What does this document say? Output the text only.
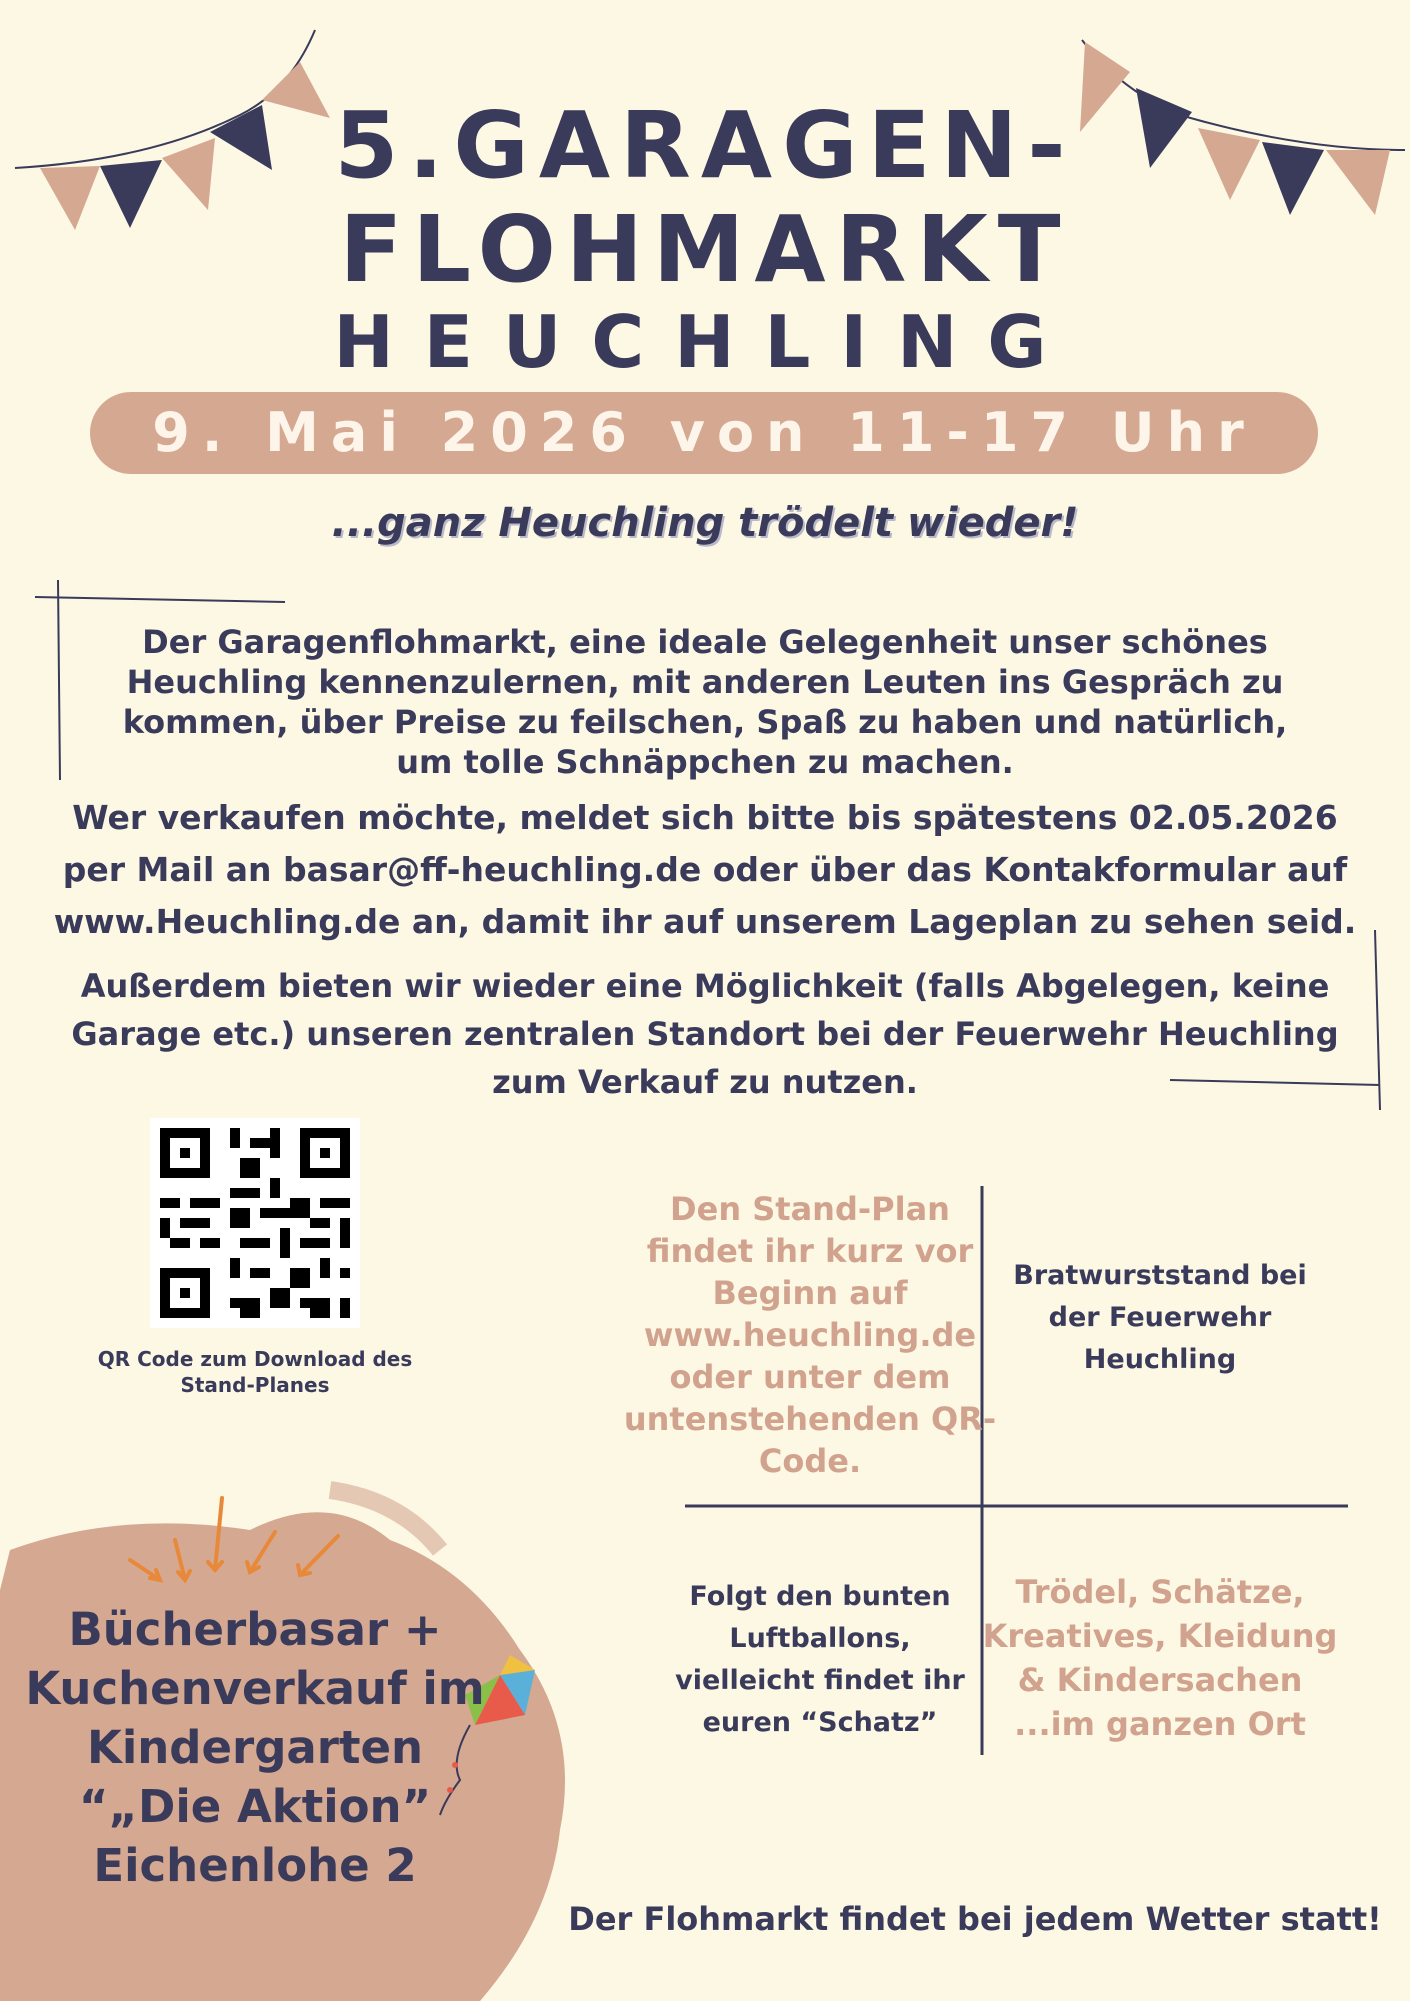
5.GARAGEN-
FLOHMARKT
HEUCHLING
9. Mai 2026 von 11-17 Uhr
...ganz Heuchling trödelt wieder!
Der Garagenflohmarkt, eine ideale Gelegenheit unser schönes Heuchling kennenzulernen, mit anderen Leuten ins Gespräch zu kommen, über Preise zu feilschen, Spaß zu haben und natürlich, um tolle Schnäppchen zu machen.
Wer verkaufen möchte, meldet sich bitte bis spätestens 02.05.2026 per Mail an basar@ff-heuchling.de oder über das Kontakformular auf www.Heuchling.de an, damit ihr auf unserem Lageplan zu sehen seid.
Außerdem bieten wir wieder eine Möglichkeit (falls Abgelegen, keine Garage etc.) unseren zentralen Standort bei der Feuerwehr Heuchling zum Verkauf zu nutzen.
QR Code zum Download des Stand-Planes
Den Stand-Plan findet ihr kurz vor Beginn auf www.heuchling.de oder unter dem untenstehenden QR-Code.
Bratwurststand bei der Feuerwehr Heuchling
Folgt den bunten Luftballons, vielleicht findet ihr euren “Schatz”
Trödel, Schätze, Kreatives, Kleidung & Kindersachen ...im ganzen Ort
Bücherbasar + Kuchenverkauf im Kindergarten “„Die Aktion” Eichenlohe 2
Der Flohmarkt findet bei jedem Wetter statt!
